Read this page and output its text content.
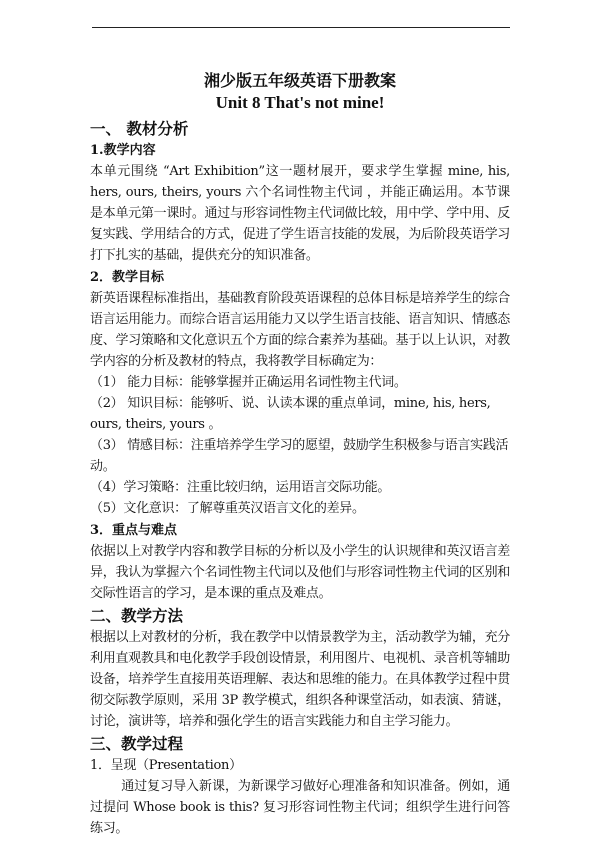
湘少版五年级英语下册教案

Unit 8 That's not mine!

一、 教材分析

1.教学内容

本单元围绕 “Art Exhibition”这一题材展开，要求学生掌握 mine, his, hers, ours, theirs, yours 六个名词性物主代词 ，并能正确运用。本节课是本单元第一课时。通过与形容词性物主代词做比较，用中学、学中用、反复实践、学用结合的方式，促进了学生语言技能的发展，为后阶段英语学习打下扎实的基础，提供充分的知识准备。

2．教学目标

新英语课程标准指出，基础教育阶段英语课程的总体目标是培养学生的综合语言运用能力。而综合语言运用能力又以学生语言技能、语言知识、情感态度、学习策略和文化意识五个方面的综合素养为基础。基于以上认识，对教学内容的分析及教材的特点，我将教学目标确定为：

（1） 能力目标：能够掌握并正确运用名词性物主代词。

（2） 知识目标：能够听、说、认读本课的重点单词，mine, his, hers, ours, theirs, yours 。

（3） 情感目标：注重培养学生学习的愿望，鼓励学生积极参与语言实践活动。

（4）学习策略：注重比较归纳，运用语言交际功能。

（5）文化意识：了解尊重英汉语言文化的差异。

3．重点与难点

依据以上对教学内容和教学目标的分析以及小学生的认识规律和英汉语言差异，我认为掌握六个名词性物主代词以及他们与形容词性物主代词的区别和交际性语言的学习，是本课的重点及难点。

二、教学方法

根据以上对教材的分析，我在教学中以情景教学为主，活动教学为辅，充分利用直观教具和电化教学手段创设情景，利用图片、电视机、录音机等辅助设备，培养学生直接用英语理解、表达和思维的能力。在具体教学过程中贯彻交际教学原则，采用 3P 教学模式，组织各种课堂活动，如表演、猜谜，讨论，演讲等，培养和强化学生的语言实践能力和自主学习能力。

三、教学过程

1．呈现（Presentation）

通过复习导入新课，为新课学习做好心理准备和知识准备。例如，通过提问 Whose book is this? 复习形容词性物主代词；组织学生进行问答练习。
